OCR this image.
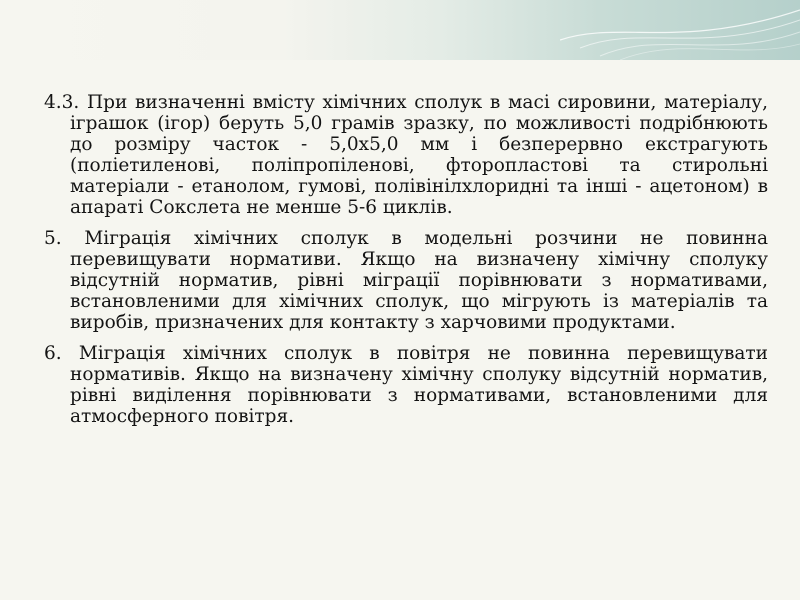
4.3. При визначенні вмісту хімічних сполук в масі сировини, матеріалу, іграшок (ігор) беруть 5,0 грамів зразку, по можливості подрібнюють до розміру часток - 5,0x5,0 мм і безперервно екстрагують (поліетиленові, поліпропіленові, фторопластові та стирольні матеріали - етанолом, гумові, полівінілхлоридні та інші - ацетоном) в апараті Сокслета не менше 5-6 циклів.

5. Міграція хімічних сполук в модельні розчини не повинна перевищувати нормативи. Якщо на визначену хімічну сполуку відсутній норматив, рівні міграції порівнювати з нормативами, встановленими для хімічних сполук, що мігрують із матеріалів та виробів, призначених для контакту з харчовими продуктами.

6. Міграція хімічних сполук в повітря не повинна перевищувати нормативів. Якщо на визначену хімічну сполуку відсутній норматив, рівні виділення порівнювати з нормативами, встановленими для атмосферного повітря.
